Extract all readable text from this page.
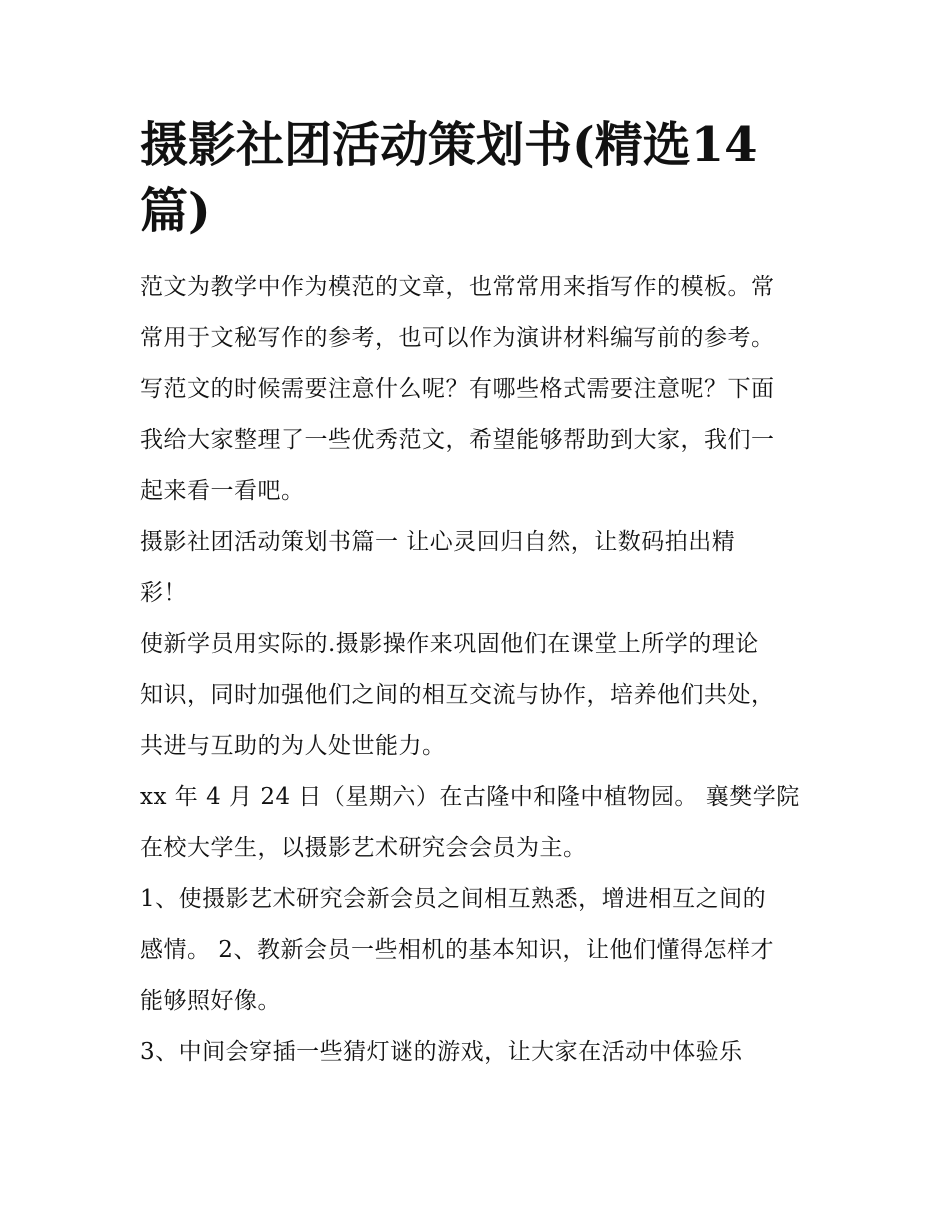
摄影社团活动策划书(精选14
篇)

范文为教学中作为模范的文章，也常常用来指写作的模板。常
常用于文秘写作的参考，也可以作为演讲材料编写前的参考。
写范文的时候需要注意什么呢？有哪些格式需要注意呢？下面
我给大家整理了一些优秀范文，希望能够帮助到大家，我们一
起来看一看吧。

摄影社团活动策划书篇一 让心灵回归自然，让数码拍出精
彩！

使新学员用实际的.摄影操作来巩固他们在课堂上所学的理论
知识，同时加强他们之间的相互交流与协作，培养他们共处，
共进与互助的为人处世能力。

xx 年 4 月 24 日（星期六）在古隆中和隆中植物园。 襄樊学院
在校大学生，以摄影艺术研究会会员为主。

1、使摄影艺术研究会新会员之间相互熟悉，增进相互之间的
感情。 2、教新会员一些相机的基本知识，让他们懂得怎样才
能够照好像。

3、中间会穿插一些猜灯谜的游戏，让大家在活动中体验乐
